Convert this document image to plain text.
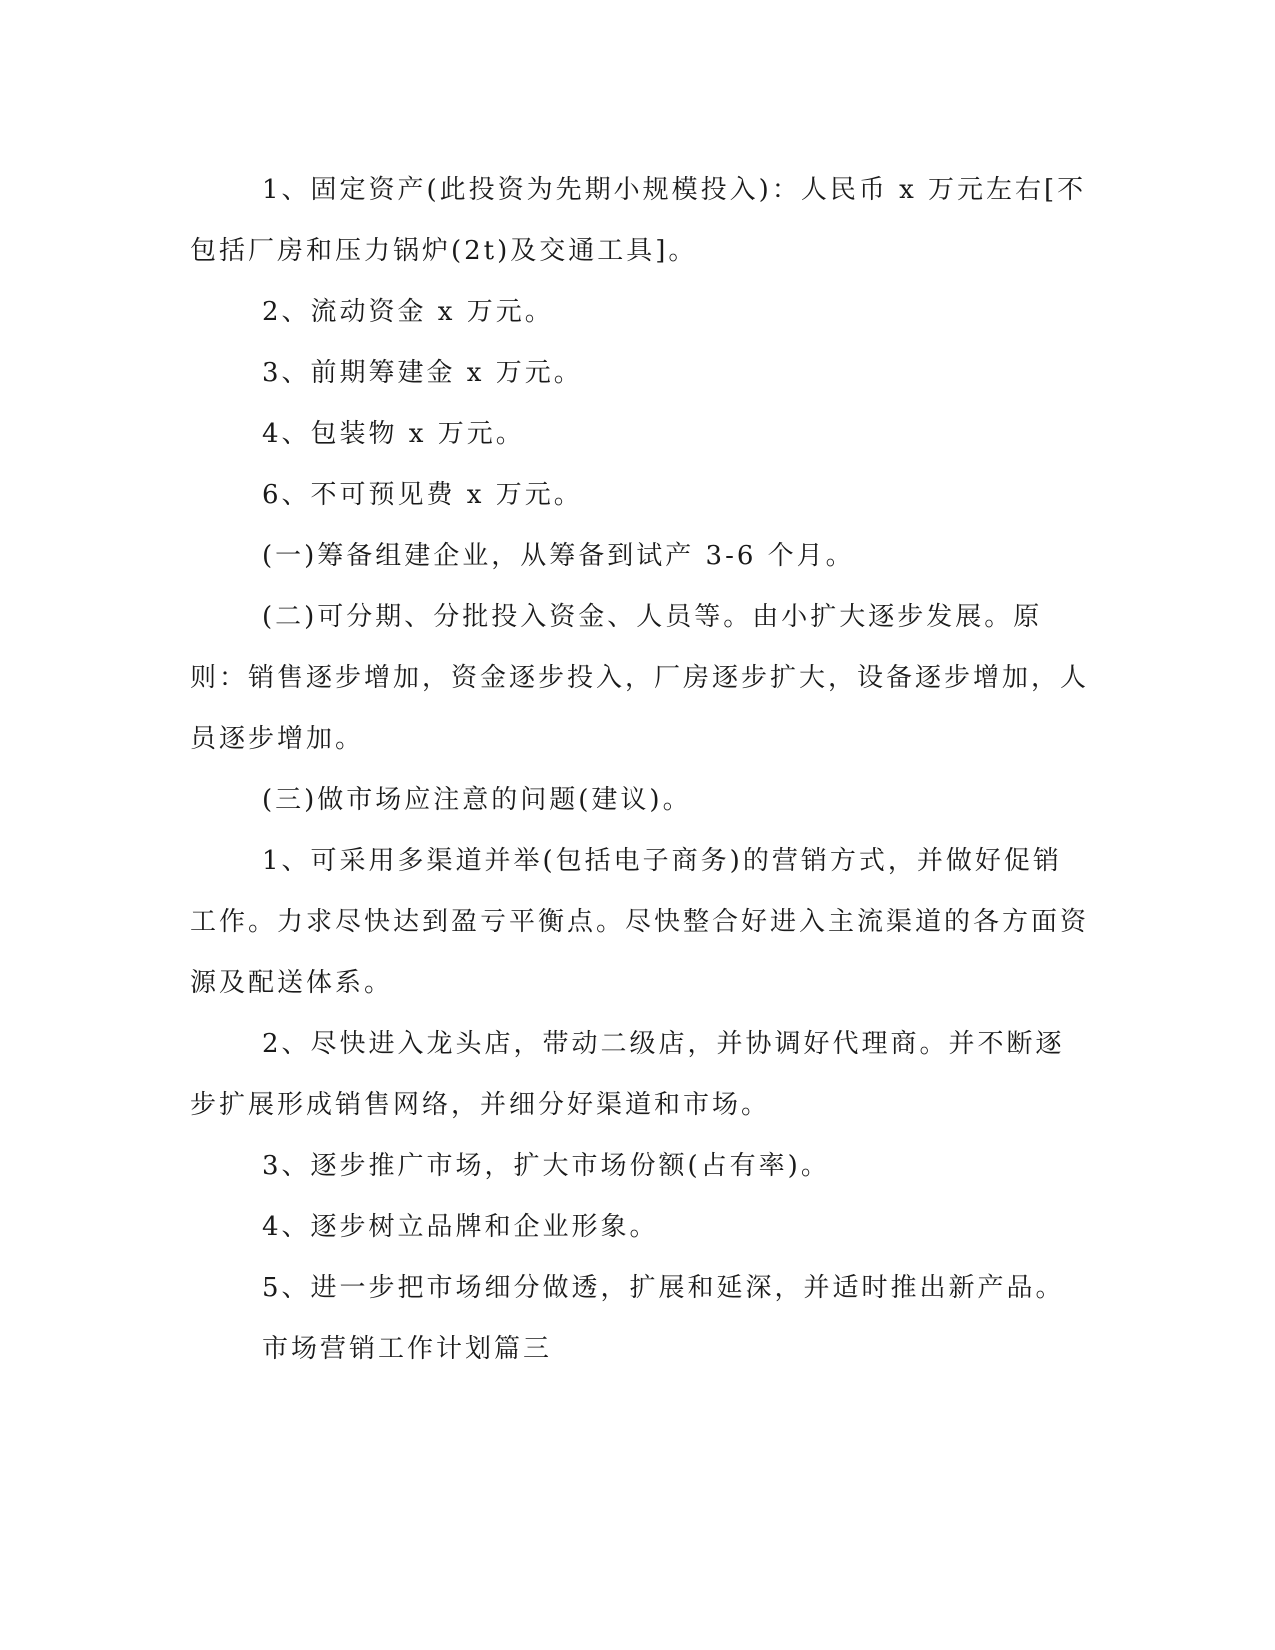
1、固定资产(此投资为先期小规模投入)：人民币 x 万元左右[不包括厂房和压力锅炉(2t)及交通工具]。

2、流动资金 x 万元。

3、前期筹建金 x 万元。

4、包装物 x 万元。

6、不可预见费 x 万元。

(一)筹备组建企业，从筹备到试产 3-6 个月。

(二)可分期、分批投入资金、人员等。由小扩大逐步发展。原则：销售逐步增加，资金逐步投入，厂房逐步扩大，设备逐步增加，人员逐步增加。

(三)做市场应注意的问题(建议)。

1、可采用多渠道并举(包括电子商务)的营销方式，并做好促销工作。力求尽快达到盈亏平衡点。尽快整合好进入主流渠道的各方面资源及配送体系。

2、尽快进入龙头店，带动二级店，并协调好代理商。并不断逐步扩展形成销售网络，并细分好渠道和市场。

3、逐步推广市场，扩大市场份额(占有率)。

4、逐步树立品牌和企业形象。

5、进一步把市场细分做透，扩展和延深，并适时推出新产品。

市场营销工作计划篇三
